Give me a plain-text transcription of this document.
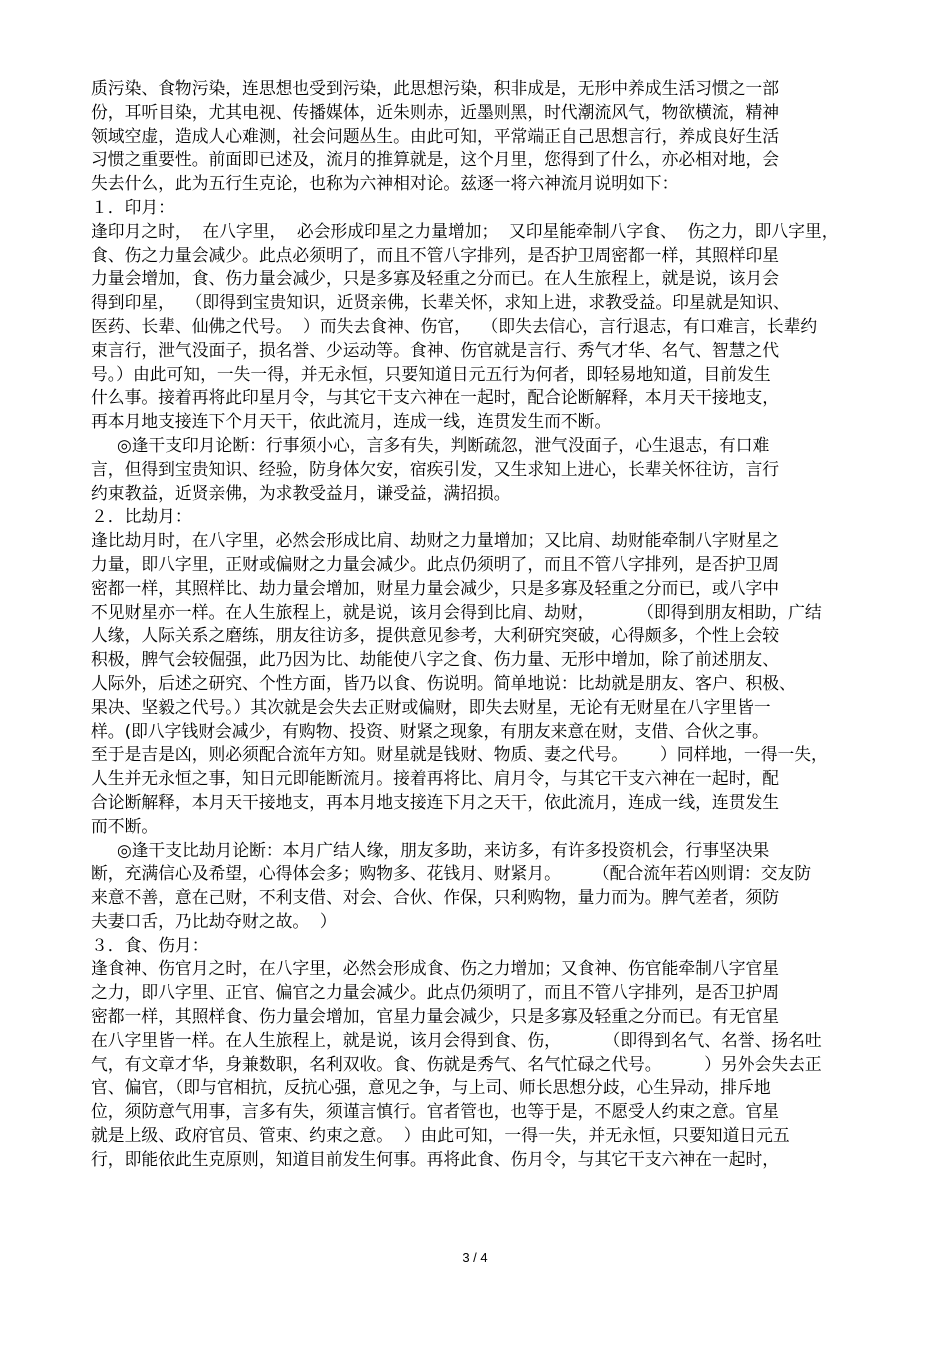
质污染、食物污染，连思想也受到污染，此思想污染，积非成是，无形中养成生活习惯之一部
份，耳听目染，尤其电视、传播媒体，近朱则赤，近墨则黑，时代潮流风气，物欲横流，精神
领域空虚，造成人心难测，社会问题丛生。由此可知，平常端正自己思想言行，养成良好生活
习惯之重要性。前面即已述及，流月的推算就是，这个月里，您得到了什么，亦必相对地，会
失去什么，此为五行生克论，也称为六神相对论。兹逐一将六神流月说明如下：
１．印月：
逢印月之时，  在八字里，  必会形成印星之力量增加；  又印星能牵制八字食、  伤之力，即八字里，
食、伤之力量会减少。此点必须明了，而且不管八字排列，是否护卫周密都一样，其照样印星
力量会增加，食、伤力量会减少，只是多寡及轻重之分而已。在人生旅程上，就是说，该月会
得到印星，  （即得到宝贵知识，近贤亲佛，长辈关怀，求知上进，求教受益。印星就是知识、
医药、长辈、仙佛之代号。  ）而失去食神、伤官，  （即失去信心，言行退志，有口难言，长辈约
束言行，泄气没面子，损名誉、少运动等。食神、伤官就是言行、秀气才华、名气、智慧之代
号。）由此可知，一失一得，并无永恒，只要知道日元五行为何者，即轻易地知道，目前发生
什么事。接着再将此印星月令，与其它干支六神在一起时，配合论断解释，本月天干接地支，
再本月地支接连下个月天干，依此流月，连成一线，连贯发生而不断。
◎逢干支印月论断：行事须小心，言多有失，判断疏忽，泄气没面子，心生退志，有口难
言，但得到宝贵知识、经验，防身体欠安，宿疾引发，又生求知上进心，长辈关怀往访，言行
约束教益，近贤亲佛，为求教受益月，谦受益，满招损。
２．比劫月：
逢比劫月时，在八字里，必然会形成比肩、劫财之力量增加；又比肩、劫财能牵制八字财星之
力量，即八字里，正财或偏财之力量会减少。此点仍须明了，而且不管八字排列，是否护卫周
密都一样，其照样比、劫力量会增加，财星力量会减少，只是多寡及轻重之分而已，或八字中
不见财星亦一样。在人生旅程上，就是说，该月会得到比肩、劫财，        （即得到朋友相助，广结
人缘，人际关系之磨练，朋友往访多，提供意见参考，大利研究突破，心得颇多，个性上会较
积极，脾气会较倔强，此乃因为比、劫能使八字之食、伤力量、无形中增加，除了前述朋友、
人际外，后述之研究、个性方面，皆乃以食、伤说明。简单地说：比劫就是朋友、客户、积极、
果决、坚毅之代号。）其次就是会失去正财或偏财，即失去财星，无论有无财星在八字里皆一
样。(即八字钱财会减少，有购物、投资、财紧之现象，有朋友来意在财，支借、合伙之事。
至于是吉是凶，则必须配合流年方知。财星就是钱财、物质、妻之代号。      ）同样地，一得一失，
人生并无永恒之事，知日元即能断流月。接着再将比、肩月令，与其它干支六神在一起时，配
合论断解释，本月天干接地支，再本月地支接连下月之天干，依此流月，连成一线，连贯发生
而不断。
◎逢干支比劫月论断：本月广结人缘，朋友多助，来访多，有许多投资机会，行事坚决果
断，充满信心及希望，心得体会多；购物多、花钱月、财紧月。      （配合流年若凶则谓：交友防
来意不善，意在己财，不利支借、对会、合伙、作保，只利购物，量力而为。脾气差者，须防
夫妻口舌，乃比劫夺财之故。  ）
３．食、伤月：
逢食神、伤官月之时，在八字里，必然会形成食、伤之力增加；又食神、伤官能牵制八字官星
之力，即八字里、正官、偏官之力量会减少。此点仍须明了，而且不管八字排列，是否卫护周
密都一样，其照样食、伤力量会增加，官星力量会减少，只是多寡及轻重之分而已。有无官星
在八字里皆一样。在人生旅程上，就是说，该月会得到食、伤，        （即得到名气、名誉、扬名吐
气，有文章才华，身兼数职，名利双收。食、伤就是秀气、名气忙碌之代号。        ）另外会失去正
官、偏官，（即与官相抗，反抗心强，意见之争，与上司、师长思想分歧，心生异动，排斥地
位，须防意气用事，言多有失，须谨言慎行。官者管也，也等于是，不愿受人约束之意。官星
就是上级、政府官员、管束、约束之意。  ）由此可知，一得一失，并无永恒，只要知道日元五
行，即能依此生克原则，知道目前发生何事。再将此食、伤月令，与其它干支六神在一起时，
3 / 4
